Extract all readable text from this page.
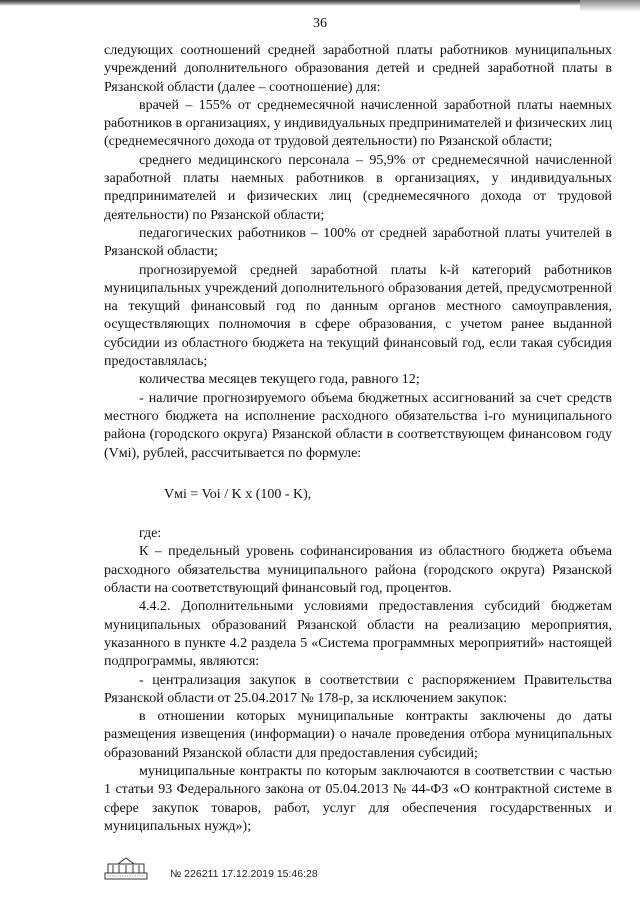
36

следующих соотношений средней заработной платы работников муниципальных учреждений дополнительного образования детей и средней заработной платы в Рязанской области (далее – соотношение) для:

врачей – 155% от среднемесячной начисленной заработной платы наемных работников в организациях, у индивидуальных предпринимателей и физических лиц (среднемесячного дохода от трудовой деятельности) по Рязанской области;

среднего медицинского персонала – 95,9% от среднемесячной начисленной заработной платы наемных работников в организациях, у индивидуальных предпринимателей и физических лиц (среднемесячного дохода от трудовой деятельности) по Рязанской области;

педагогических работников – 100% от средней заработной платы учителей в Рязанской области;

прогнозируемой средней заработной платы k-й категорий работников муниципальных учреждений дополнительного образования детей, предусмотренной на текущий финансовый год по данным органов местного самоуправления, осуществляющих полномочия в сфере образования, с учетом ранее выданной субсидии из областного бюджета на текущий финансовый год, если такая субсидия предоставлялась;

количества месяцев текущего года, равного 12;

- наличие прогнозируемого объема бюджетных ассигнований за счет средств местного бюджета на исполнение расходного обязательства i-го муниципального района (городского округа) Рязанской области в соответствующем финансовом году (Vмi), рублей, рассчитывается по формуле:

Vмi = Voi / K x (100 - K),

где:

К – предельный уровень софинансирования из областного бюджета объема расходного обязательства муниципального района (городского округа) Рязанской области на соответствующий финансовый год, процентов.

4.4.2. Дополнительными условиями предоставления субсидий бюджетам муниципальных образований Рязанской области на реализацию мероприятия, указанного в пункте 4.2 раздела 5 «Система программных мероприятий» настоящей подпрограммы, являются:

- централизация закупок в соответствии с распоряжением Правительства Рязанской области от 25.04.2017 № 178-р, за исключением закупок:

в отношении которых муниципальные контракты заключены до даты размещения извещения (информации) о начале проведения отбора муниципальных образований Рязанской области для предоставления субсидий;

муниципальные контракты по которым заключаются в соответствии с частью 1 статьи 93 Федерального закона от 05.04.2013 № 44-ФЗ «О контрактной системе в сфере закупок товаров, работ, услуг для обеспечения государственных и муниципальных нужд»);

№ 226211 17.12.2019 15:46:28
